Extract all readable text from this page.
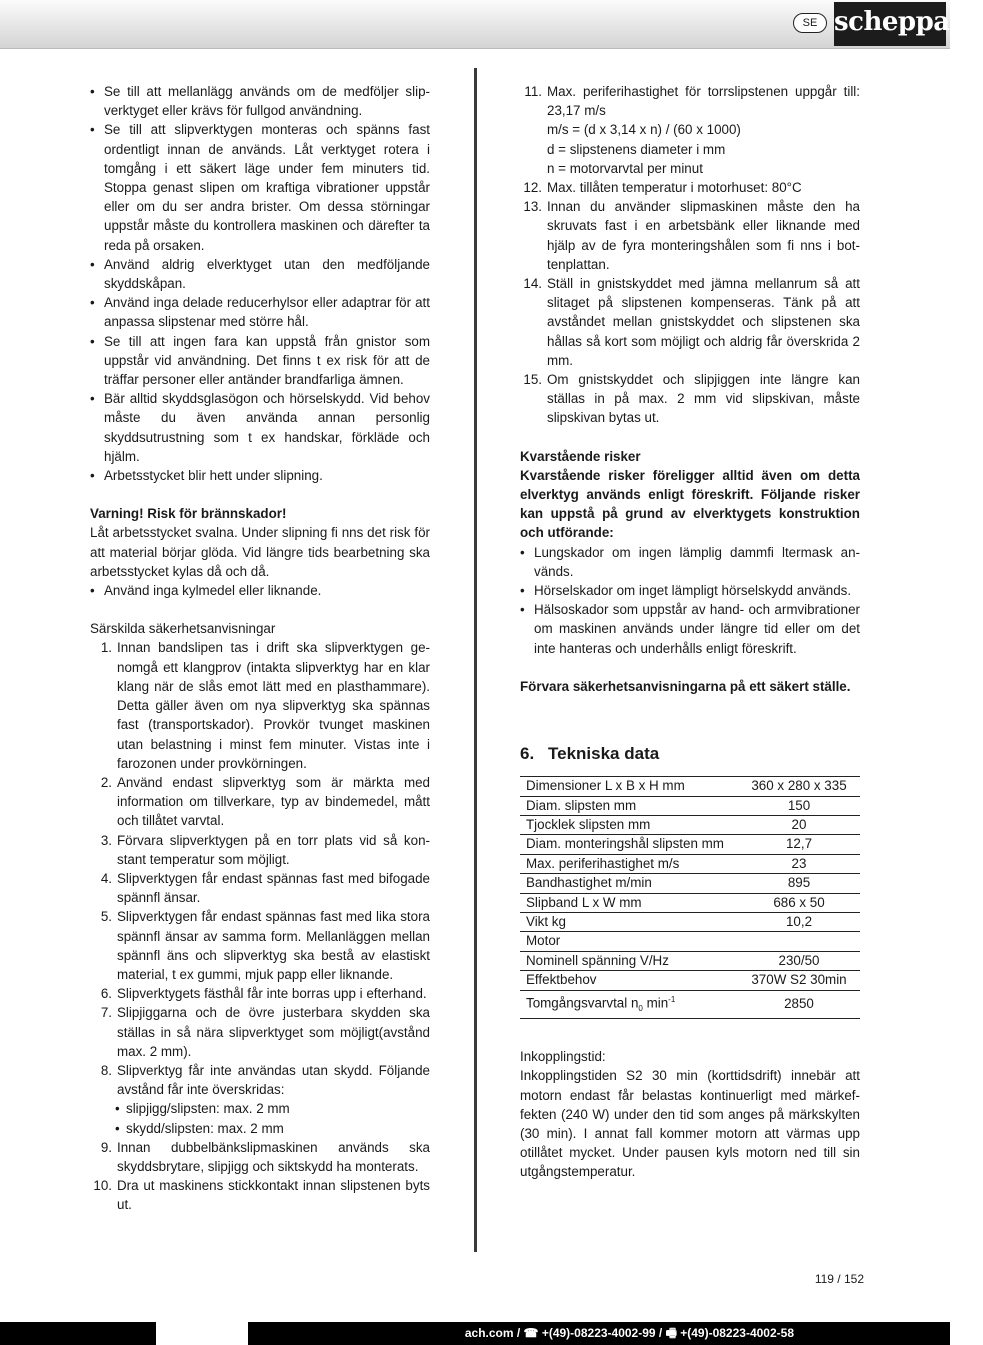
SE scheppach
• Se till att mellanlägg används om de medföljer slipverktyget eller krävs för fullgod användning.
• Se till att slipverktygen monteras och spänns fast ordentligt innan de används. Låt verktyget rotera i tomgång i ett säkert läge under fem minuters tid. Stoppa genast slipen om kraftiga vibrationer uppstår eller om du ser andra brister. Om dessa störningar uppstår måste du kontrollera maskinen och därefter ta reda på orsaken.
• Använd aldrig elverktyget utan den medföljande skyddskåpan.
• Använd inga delade reducerhylsor eller adaptrar för att anpassa slipstenar med större hål.
• Se till att ingen fara kan uppstå från gnistor som uppstår vid användning. Det finns t ex risk för att de träffar personer eller antänder brandfarliga ämnen.
• Bär alltid skyddsglasögon och hörselskydd. Vid behov måste du även använda annan personlig skyddsutrustning som t ex handskar, förkläde och hjälm.
• Arbetsstycket blir hett under slipning.
Varning! Risk för brännskador!
Låt arbetsstycket svalna. Under slipning fi nns det risk för att material börjar glöda. Vid längre tids bearbetning ska arbetsstycket kylas då och då.
• Använd inga kylmedel eller liknande.
Särskilda säkerhetsanvisningar
1. Innan bandslipen tas i drift ska slipverktygen genomgå ett klangprov (intakta slipverktyg har en klar klang när de slås emot lätt med en plasthammare). Detta gäller även om nya slipverktyg ska spännas fast (transportskador). Provkör tvunget maskinen utan belastning i minst fem minuter. Vistas inte i farozonen under provkörningen.
2. Använd endast slipverktyg som är märkta med information om tillverkare, typ av bindemedel, mått och tillåtet varvtal.
3. Förvara slipverktygen på en torr plats vid så konstant temperatur som möjligt.
4. Slipverktygen får endast spännas fast med bifogade spännfl änsar.
5. Slipverktygen får endast spännas fast med lika stora spännfl änsar av samma form. Mellanläggen mellan spännfl äns och slipverktyg ska bestå av elastiskt material, t ex gummi, mjuk papp eller liknande.
6. Slipverktygets fästhål får inte borras upp i efterhand.
7. Slipjiggarna och de övre justerbara skydden ska ställas in så nära slipverktyget som möjligt(avstånd max. 2 mm).
8. Slipverktyg får inte användas utan skydd. Följande avstånd får inte överskridas:
• slipjigg/slipsten: max. 2 mm
• skydd/slipsten: max. 2 mm
9. Innan dubbelbänkslipmaskinen används ska skyddsbrytare, slipjigg och siktskydd ha monterats.
10. Dra ut maskinens stickkontakt innan slipstenen byts ut.
11. Max. periferihastighet för torrslipstenen uppgår till: 23,17 m/s
m/s = (d x 3,14 x n) / (60 x 1000)
d = slipstenens diameter i mm
n = motorvarvtal per minut
12. Max. tillåten temperatur i motorhuset: 80°C
13. Innan du använder slipmaskinen måste den ha skruvats fast i en arbetsbänk eller liknande med hjälp av de fyra monteringshålen som fi nns i bottenplattan.
14. Ställ in gnistskyddet med jämna mellanrum så att slitaget på slipstenen kompenseras. Tänk på att avståndet mellan gnistskyddet och slipstenen ska hållas så kort som möjligt och aldrig får överskrida 2 mm.
15. Om gnistskyddet och slipjiggen inte längre kan ställas in på max. 2 mm vid slipskivan, måste slipskivan bytas ut.
Kvarstående risker
Kvarstående risker föreligger alltid även om detta elverktyg används enligt föreskrift. Följande risker kan uppstå på grund av elverktygets konstruktion och utförande:
• Lungskador om ingen lämplig dammfi ltermask används.
• Hörselskador om inget lämpligt hörselskydd används.
• Hälsoskador som uppstår av hand- och armvibrationer om maskinen används under längre tid eller om det inte hanteras och underhålls enligt föreskrift.
Förvara säkerhetsanvisningarna på ett säkert ställe.
6. Tekniska data
Dimensioner L x B x H mm	360 x 280 x 335
Diam. slipsten mm	150
Tjocklek slipsten mm	20
Diam. monteringshål slipsten mm	12,7
Max. periferihastighet m/s	23
Bandhastighet m/min	895
Slipband L x W mm	686 x 50
Vikt kg	10,2
Motor	
Nominell spänning V/Hz	230/50
Effektbehov	370W S2 30min
Tomgångsvarvtal $n_0$ $\min^{-1}$	2850
Inkopplingstid:
Inkopplingstiden S2 30 min (korttidsdrift) innebär att motorn endast får belastas kontinuerligt med märkeffekten (240 W) under den tid som anges på märkskylten (30 min). I annat fall kommer motorn att värmas upp otillåtet mycket. Under pausen kyls motorn ned till sin utgångstemperatur.
119 / 152
ach.com / ☎ +(49)-08223-4002-99 / 🖷 +(49)-08223-4002-58
